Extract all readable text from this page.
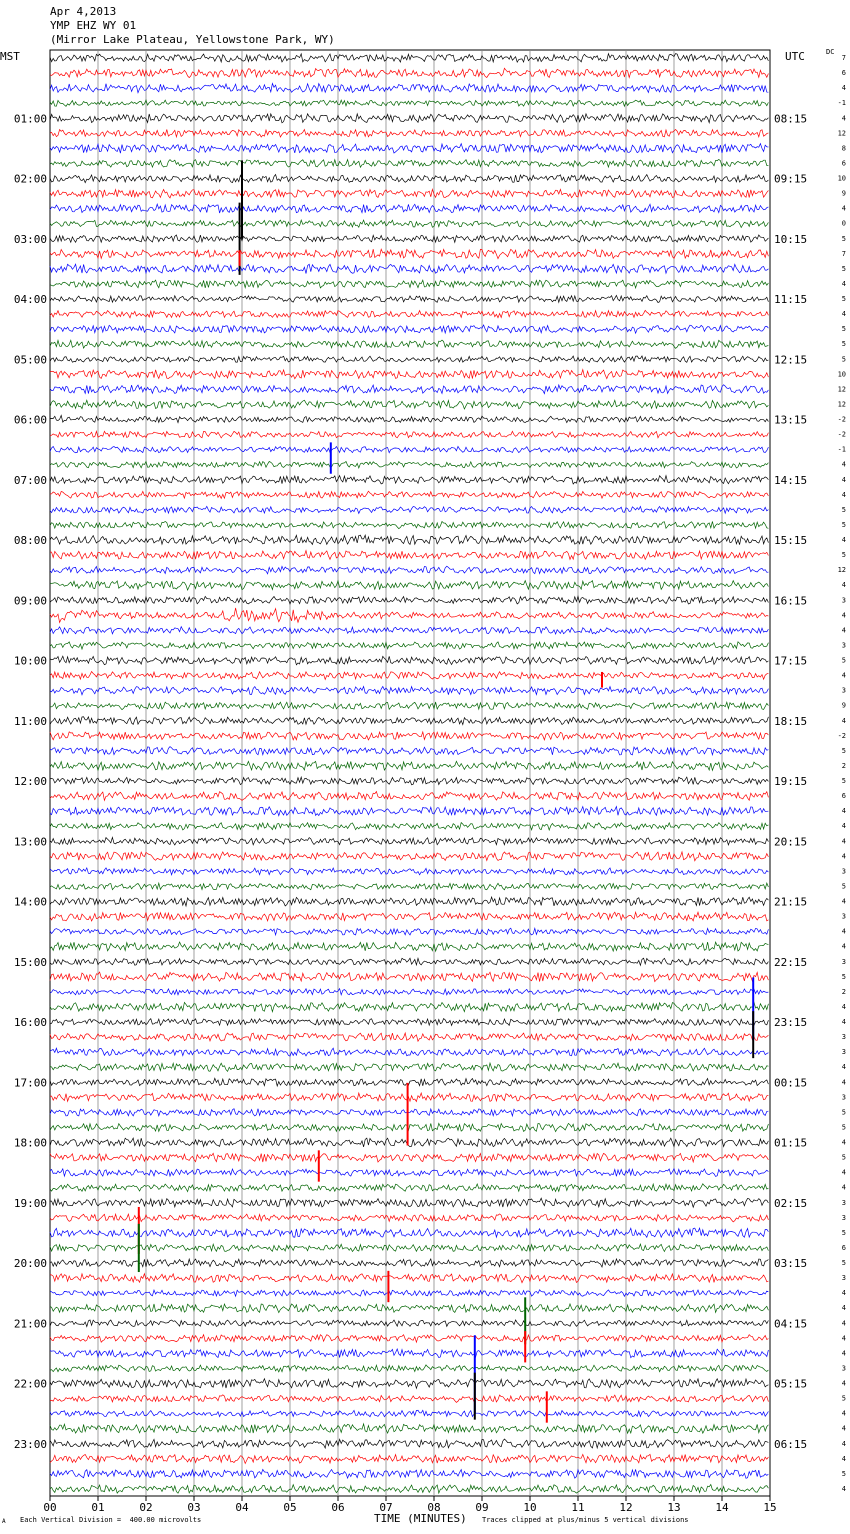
Apr 4,2013
YMP EHZ WY 01
(Mirror Lake Plateau, Yellowstone Park, WY)
MST	UTC	DC
01:00
02:00
03:00
04:00
05:00
06:00
07:00
08:00
09:00
10:00
11:00
12:00
13:00
14:00
15:00
16:00
17:00
18:00
19:00
20:00
21:00
22:00
23:00
08:15
09:15
10:15
11:15
12:15
13:15
14:15
15:15
16:15
17:15
18:15
19:15
20:15
21:15
22:15
23:15
00:15
01:15
02:15
03:15
04:15
05:15
06:15
7
6
4
-1
4
12
8
6
10
9
4
0
5
7
5
4
5
4
5
5
5
10
12
12
-2
-2
-1
4
4
4
5
5
4
5
12
4
3
4
4
3
5
4
3
9
4
-2
5
2
5
6
4
4
4
4
3
5
4
3
4
4
3
5
2
4
4
3
3
4
4
3
5
5
4
5
4
4
3
3
5
6
5
3
4
4
4
4
4
3
4
5
4
4
4
4
5
4
00	01	02	03	04	05	06	07	08	09	10	11	12	13	14	15
A Each Vertical Division =  400.00 microvolts	TIME (MINUTES) Traces clipped at plus/minus 5 vertical divisions
